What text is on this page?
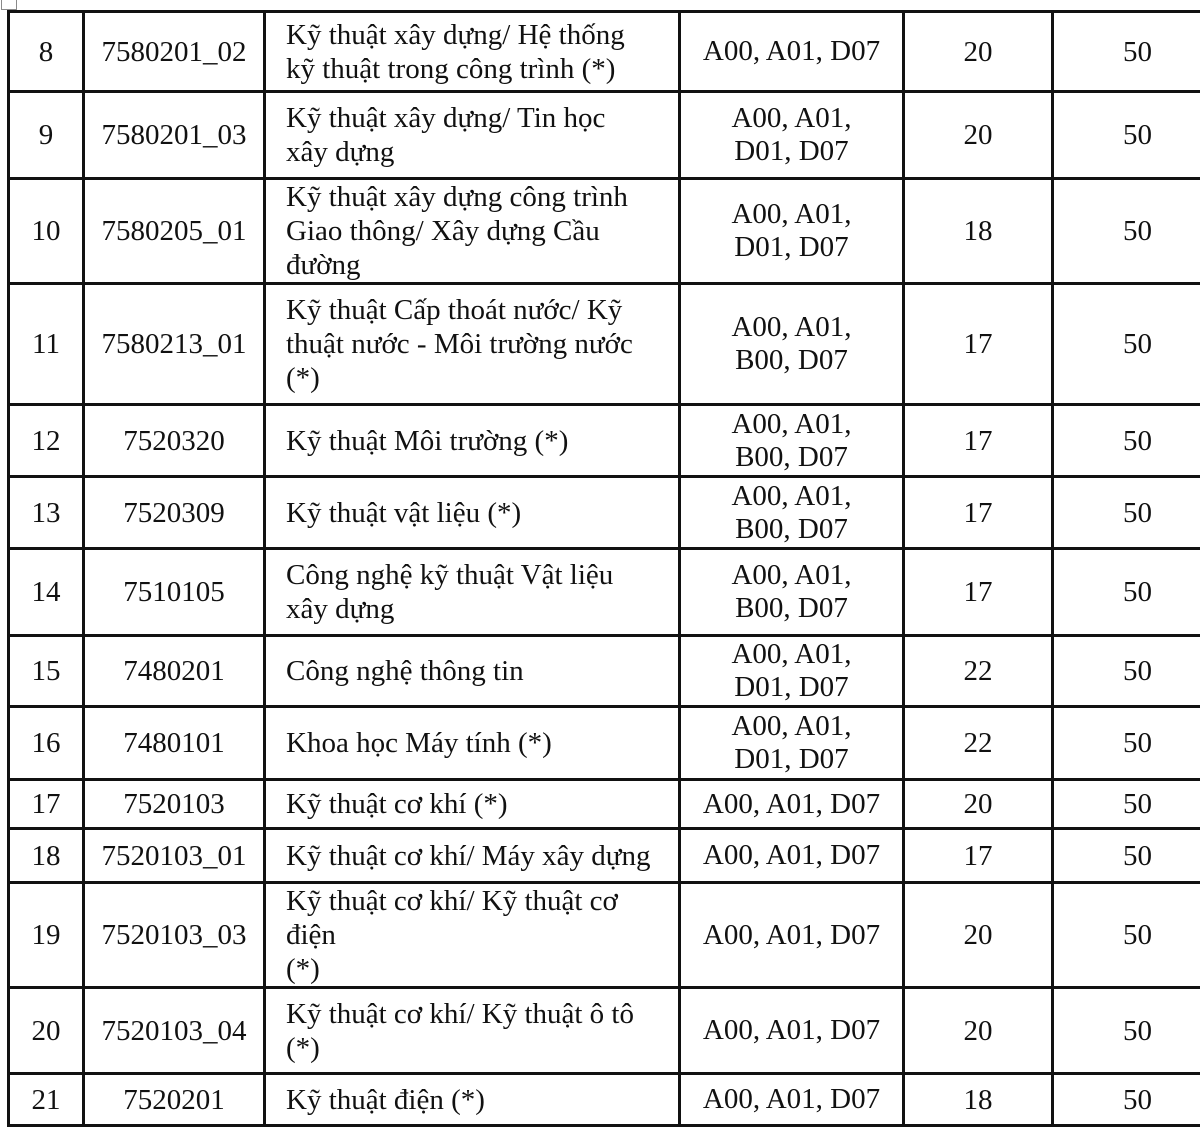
8	7580201_02	Kỹ thuật xây dựng/ Hệ thống
kỹ thuật trong công trình (*)	A00, A01, D07	20	50
9	7580201_03	Kỹ thuật xây dựng/ Tin học
xây dựng	A00, A01,
D01, D07	20	50
10	7580205_01	Kỹ thuật xây dựng công trình
Giao thông/ Xây dựng Cầu đường	A00, A01,
D01, D07	18	50
11	7580213_01	Kỹ thuật Cấp thoát nước/ Kỹ
thuật nước - Môi trường nước
(*)	A00, A01,
B00, D07	17	50
12	7520320	Kỹ thuật Môi trường (*)	A00, A01,
B00, D07	17	50
13	7520309	Kỹ thuật vật liệu (*)	A00, A01,
B00, D07	17	50
14	7510105	Công nghệ kỹ thuật Vật liệu
xây dựng	A00, A01,
B00, D07	17	50
15	7480201	Công nghệ thông tin	A00, A01,
D01, D07	22	50
16	7480101	Khoa học Máy tính (*)	A00, A01,
D01, D07	22	50
17	7520103	Kỹ thuật cơ khí (*)	A00, A01, D07	20	50
18	7520103_01	Kỹ thuật cơ khí/ Máy xây dựng	A00, A01, D07	17	50
19	7520103_03	Kỹ thuật cơ khí/ Kỹ thuật cơ điện
(*)	A00, A01, D07	20	50
20	7520103_04	Kỹ thuật cơ khí/ Kỹ thuật ô tô
(*)	A00, A01, D07	20	50
21	7520201	Kỹ thuật điện (*)	A00, A01, D07	18	50
